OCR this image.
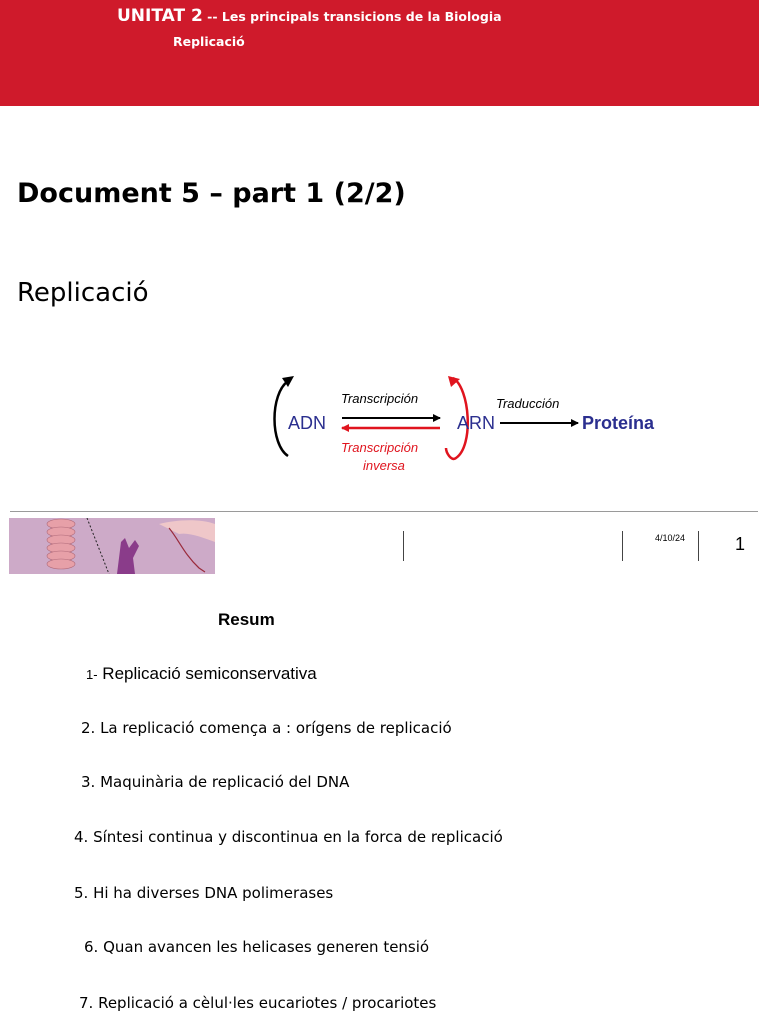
UNITAT 2 -- Les principals transicions de la Biologia
Replicació
Document 5 – part 1 (2/2)
Replicació
ADN	ARN	Proteína
Transcripción	Traducción
Transcripción
inversa
4/10/24	1
Resum
1- Replicació semiconservativa
2. La replicació comença a : orígens de replicació
3. Maquinària de replicació del DNA
4. Síntesi continua y discontinua en la forca de replicació
5. Hi ha diverses DNA polimerases
6. Quan avancen les helicases generen tensió
7. Replicació a cèlul·les eucariotes / procariotes
